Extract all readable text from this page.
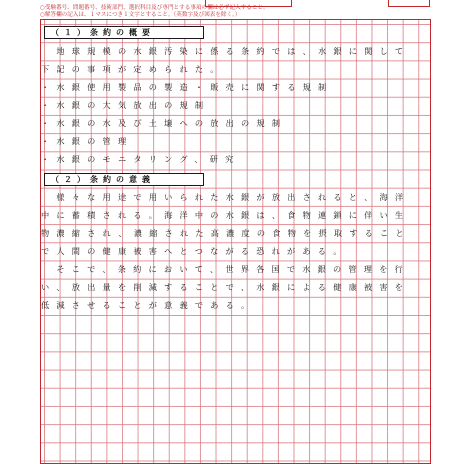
○受験番号、問題番号、技術部門、選択科目及び専門とする事項の欄は必ず記入すること。
○解答欄の記入は、１マスにつき１文字とすること。（英数字及び図表を除く。）
（１）条約の概要
　地球規模の水銀汚染に係る条約では、水銀に関して
下記の事項が定められた。
・水銀使用製品の製造・販売に関する規制
・水銀の大気放出の規制
・水銀の水及び土壌への放出の規制
・水銀の管理
・水銀のモニタリング、研究
（２）条約の意義
　様々な用途で用いられた水銀が放出されると、海洋
中に蓄積される。海洋中の水銀は、食物連鎖に伴い生
物濃縮され、濃縮された高濃度の食物を摂取すること
で人間の健康被害へとつながる恐れがある。
　そこで、条約において、世界各国で水銀の管理を行
い、放出量を削減することで、水銀による健康被害を
低減させることが意義である。
